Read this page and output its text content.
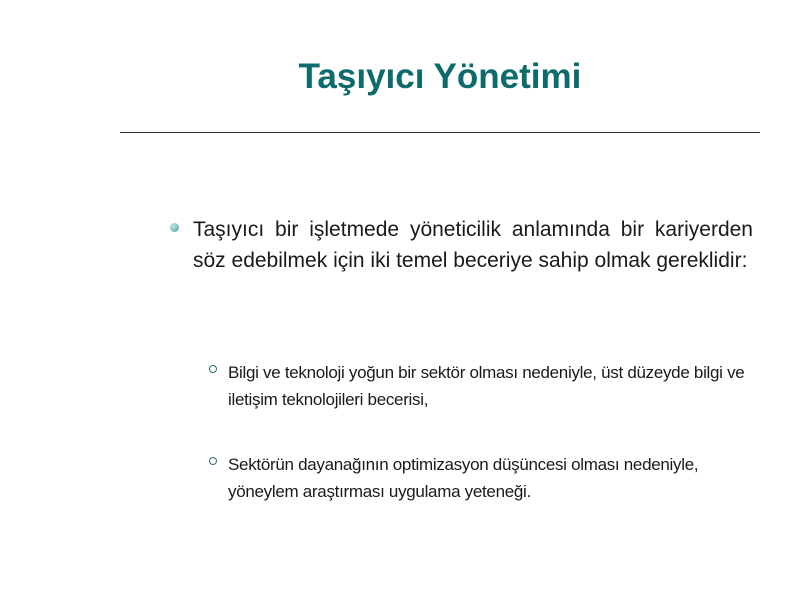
Taşıyıcı Yönetimi
Taşıyıcı bir işletmede yöneticilik anlamında bir kariyerden söz edebilmek için iki temel beceriye sahip olmak gereklidir:
Bilgi ve teknoloji yoğun bir sektör olması nedeniyle, üst düzeyde bilgi ve iletişim teknolojileri becerisi,
Sektörün dayanağının optimizasyon düşüncesi olması nedeniyle, yöneylem araştırması uygulama yeteneği.
